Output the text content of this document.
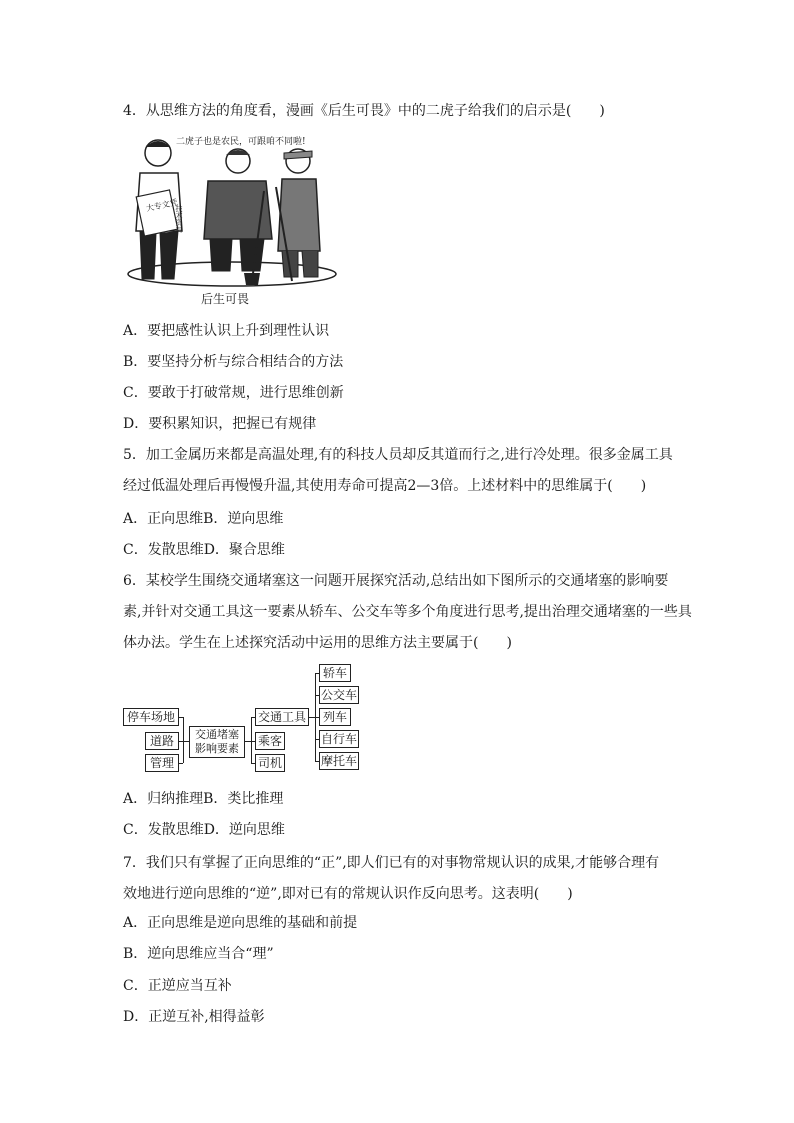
4．从思维方法的角度看，漫画《后生可畏》中的二虎子给我们的启示是(　　)
二虎子也是农民，可跟咱不同啦!
大专文凭
技术资料
后生可畏
A．要把感性认识上升到理性认识
B．要坚持分析与综合相结合的方法
C．要敢于打破常规，进行思维创新
D．要积累知识，把握已有规律
5．加工金属历来都是高温处理,有的科技人员却反其道而行之,进行冷处理。很多金属工具
经过低温处理后再慢慢升温,其使用寿命可提高2—3倍。上述材料中的思维属于(　　)
A．正向思维B．逆向思维
C．发散思维D．聚合思维
6．某校学生围绕交通堵塞这一问题开展探究活动,总结出如下图所示的交通堵塞的影响要
素,并针对交通工具这一要素从轿车、公交车等多个角度进行思考,提出治理交通堵塞的一些具
体办法。学生在上述探究活动中运用的思维方法主要属于(　　)
停车场地
道路
管理
交通堵塞影响要素
交通工具
乘客
司机
轿车
公交车
列车
自行车
摩托车
A．归纳推理B．类比推理
C．发散思维D．逆向思维
7．我们只有掌握了正向思维的“正”,即人们已有的对事物常规认识的成果,才能够合理有
效地进行逆向思维的“逆”,即对已有的常规认识作反向思考。这表明(　　)
A．正向思维是逆向思维的基础和前提
B．逆向思维应当合“理”
C．正逆应当互补
D．正逆互补,相得益彰
